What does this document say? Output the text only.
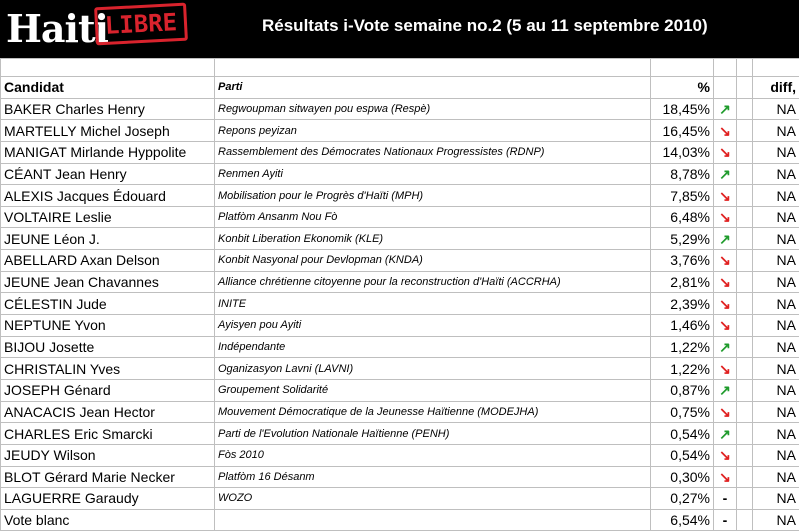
Haiti
LIBRE	Résultats i-Vote semaine no.2 (5 au 11 septembre 2010)

Candidat	Parti	%			diff,
BAKER Charles Henry	Regwoupman sitwayen pou espwa (Respè)	18,45%	↗		NA
MARTELLY Michel Joseph	Repons peyizan	16,45%	↘		NA
MANIGAT Mirlande Hyppolite	Rassemblement des Démocrates Nationaux Progressistes (RDNP)	14,03%	↘		NA
CÉANT Jean Henry	Renmen Ayiti	8,78%	↗		NA
ALEXIS Jacques Édouard	Mobilisation pour le Progrès d'Haïti (MPH)	7,85%	↘		NA
VOLTAIRE Leslie	Platfòm Ansanm Nou Fò	6,48%	↘		NA
JEUNE Léon J.	Konbit Liberation Ekonomik (KLE)	5,29%	↗		NA
ABELLARD Axan Delson	Konbit Nasyonal pour Devlopman (KNDA)	3,76%	↘		NA
JEUNE Jean Chavannes	Alliance chrétienne citoyenne pour la reconstruction d'Haïti (ACCRHA)	2,81%	↘		NA
CÉLESTIN Jude	INITE	2,39%	↘		NA
NEPTUNE Yvon	Ayisyen pou Ayiti	1,46%	↘		NA
BIJOU Josette	Indépendante	1,22%	↗		NA
CHRISTALIN Yves	Oganizasyon Lavni (LAVNI)	1,22%	↘		NA
JOSEPH Génard	Groupement Solidarité	0,87%	↗		NA
ANACACIS Jean Hector	Mouvement Démocratique de la Jeunesse Haïtienne (MODEJHA)	0,75%	↘		NA
CHARLES Eric Smarcki	Parti de l'Evolution Nationale Haïtienne (PENH)	0,54%	↗		NA
JEUDY Wilson	Fòs 2010	0,54%	↘		NA
BLOT Gérard Marie Necker	Platfòm 16 Désanm	0,30%	↘		NA
LAGUERRE Garaudy	WOZO	0,27%	-		NA
Vote blanc		6,54%	-		NA
